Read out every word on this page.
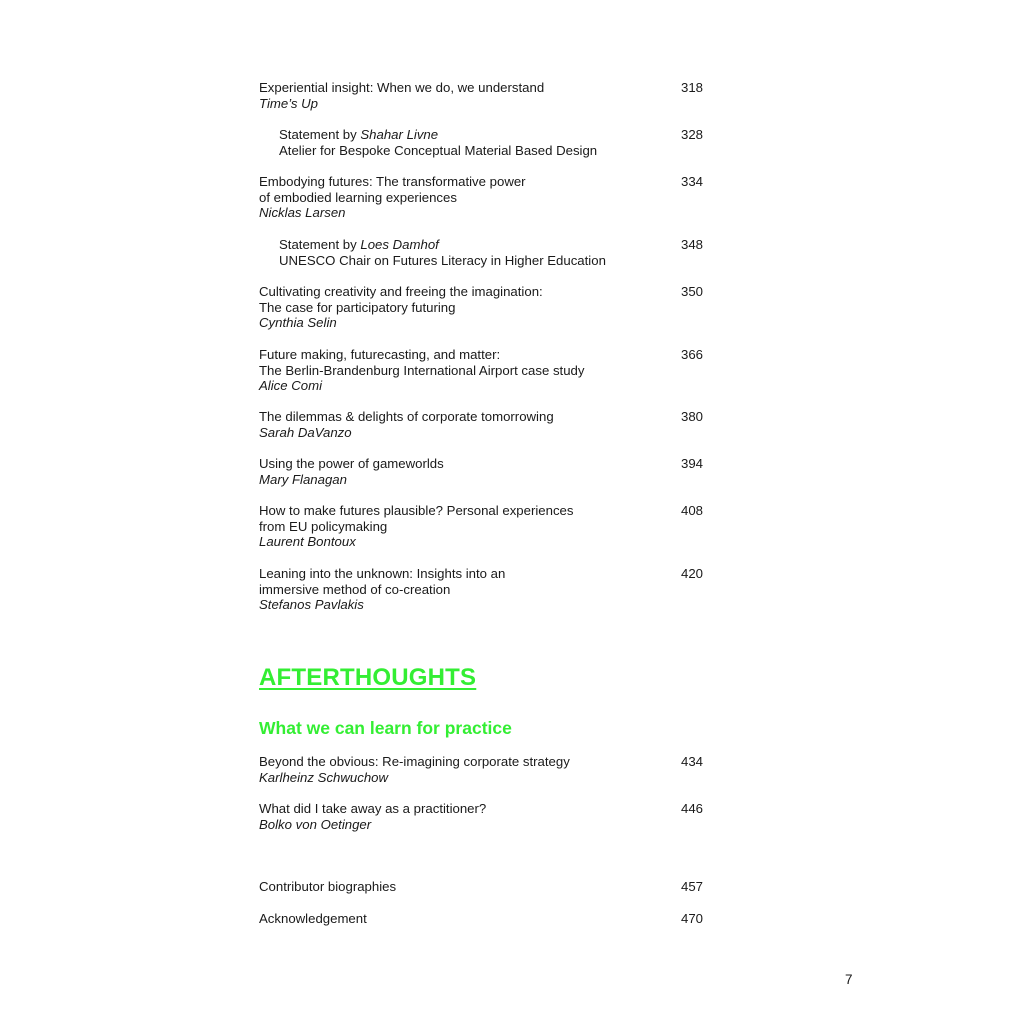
Experiential insight: When we do, we understand
Time’s Up
318
Statement by Shahar Livne
Atelier for Bespoke Conceptual Material Based Design
328
Embodying futures: The transformative power
of embodied learning experiences
Nicklas Larsen
334
Statement by Loes Damhof
UNESCO Chair on Futures Literacy in Higher Education
348
Cultivating creativity and freeing the imagination:
The case for participatory futuring
Cynthia Selin
350
Future making, futurecasting, and matter:
The Berlin-Brandenburg International Airport case study
Alice Comi
366
The dilemmas & delights of corporate tomorrowing
Sarah DaVanzo
380
Using the power of gameworlds
Mary Flanagan
394
How to make futures plausible? Personal experiences
from EU policymaking
Laurent Bontoux
408
Leaning into the unknown: Insights into an
immersive method of co-creation
Stefanos Pavlakis
420
AFTERTHOUGHTS
What we can learn for practice
Beyond the obvious: Re-imagining corporate strategy
Karlheinz Schwuchow
434
What did I take away as a practitioner?
Bolko von Oetinger
446
Contributor biographies	457
Acknowledgement	470
7
